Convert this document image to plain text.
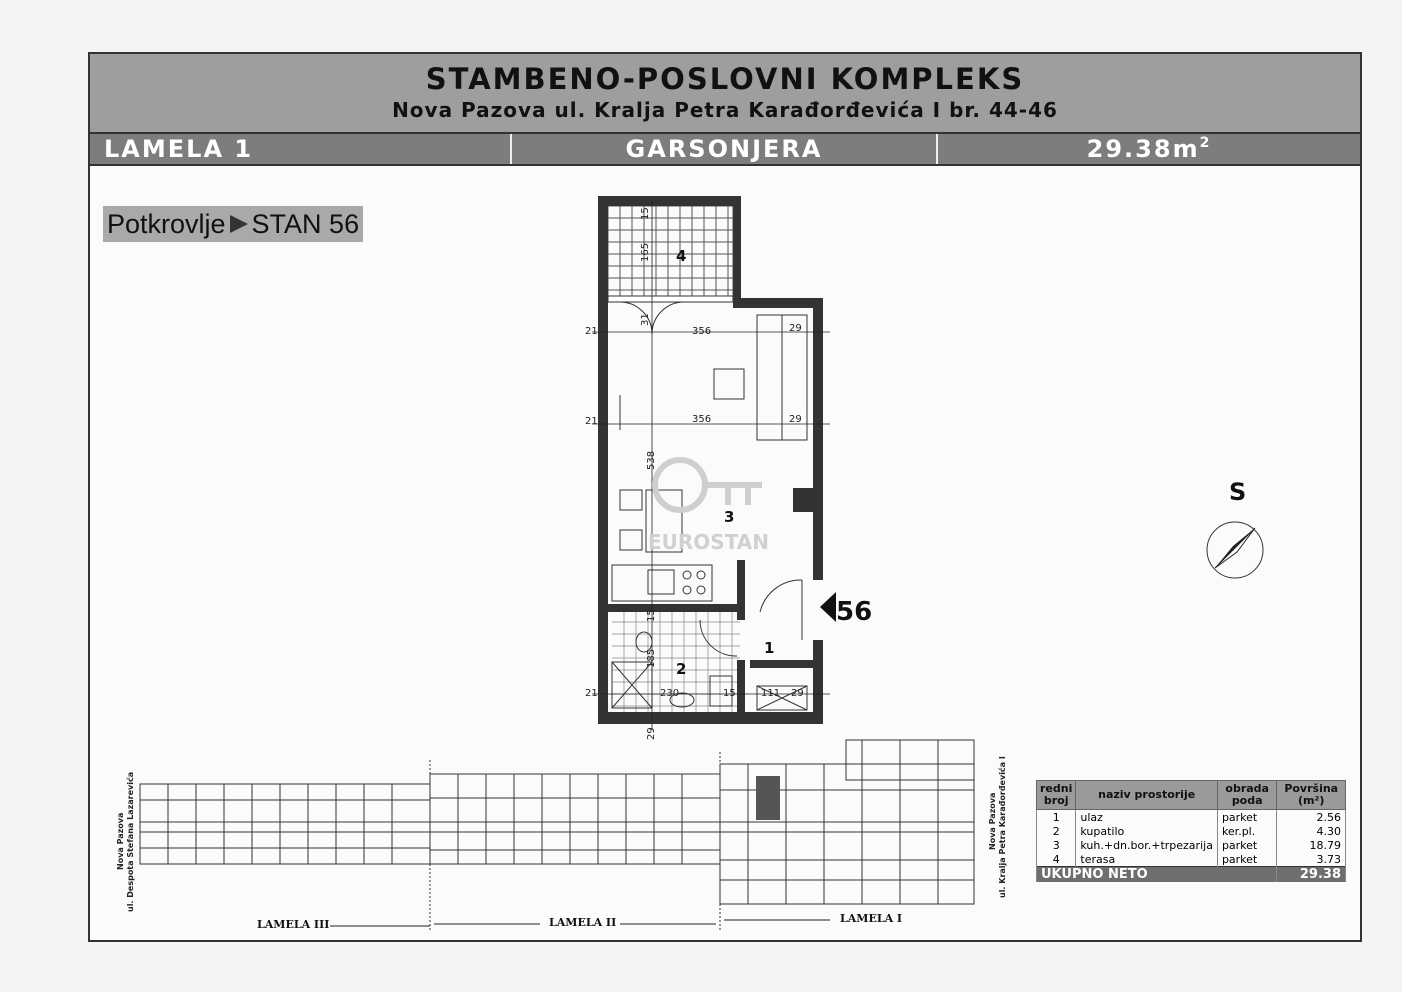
STAMBENO-POSLOVNI KOMPLEKS
Nova Pazova ul. Kralja Petra Karađorđevića I br. 44-46
LAMELA 1	GARSONJERA	$29.38m^2$
Potkrovlje STAN 56
56
4
3
2
1
15
165
31
21	356	29
21	356	29
538
15
185
21	230	15	111 29
29
EUROSTAN
S
Nova Pazova ul. Despota Stefana Lazarevića	Nova Pazova ul. Kralja Petra Karađorđevića I
LAMELA III	LAMELA II	LAMELA I
redni broj	naziv prostorije	obrada poda	Površina (m²)
1	ulaz	parket	2.56
2	kupatilo	ker.pl.	4.30
3	kuh.+dn.bor.+trpezarija	parket	18.79
4	terasa	parket	3.73
UKUPNO NETO			29.38
